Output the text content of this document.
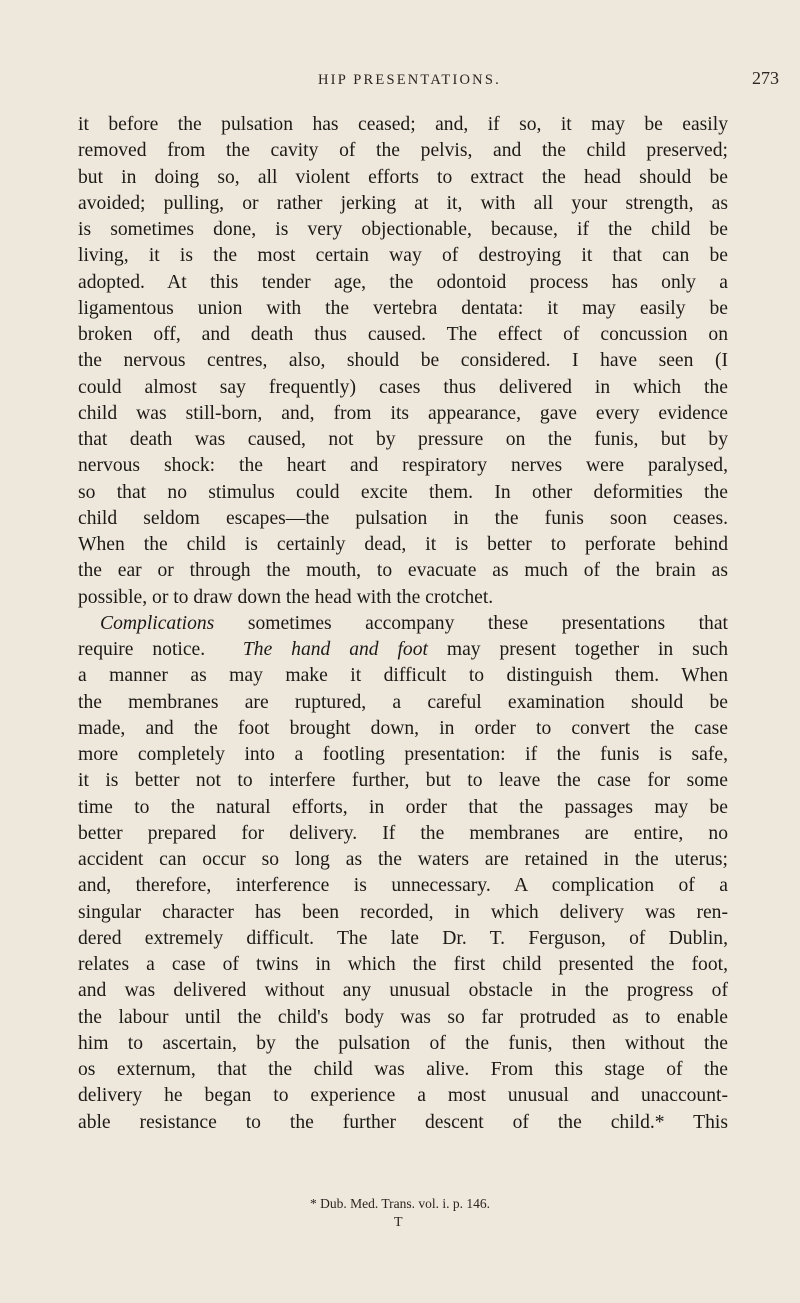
HIP PRESENTATIONS.	273
it before the pulsation has ceased; and, if so, it may be easily
removed from the cavity of the pelvis, and the child preserved;
but in doing so, all violent efforts to extract the head should be
avoided; pulling, or rather jerking at it, with all your strength, as
is sometimes done, is very objectionable, because, if the child be
living, it is the most certain way of destroying it that can be
adopted. At this tender age, the odontoid process has only a
ligamentous union with the vertebra dentata: it may easily be
broken off, and death thus caused. The effect of concussion on
the nervous centres, also, should be considered. I have seen (I
could almost say frequently) cases thus delivered in which the
child was still-born, and, from its appearance, gave every evidence
that death was caused, not by pressure on the funis, but by
nervous shock: the heart and respiratory nerves were paralysed,
so that no stimulus could excite them. In other deformities the
child seldom escapes—the pulsation in the funis soon ceases.
When the child is certainly dead, it is better to perforate behind
the ear or through the mouth, to evacuate as much of the brain as
possible, or to draw down the head with the crotchet.
Complications sometimes accompany these presentations that
require notice. The hand and foot may present together in such
a manner as may make it difficult to distinguish them. When
the membranes are ruptured, a careful examination should be
made, and the foot brought down, in order to convert the case
more completely into a footling presentation: if the funis is safe,
it is better not to interfere further, but to leave the case for some
time to the natural efforts, in order that the passages may be
better prepared for delivery. If the membranes are entire, no
accident can occur so long as the waters are retained in the uterus;
and, therefore, interference is unnecessary. A complication of a
singular character has been recorded, in which delivery was ren-
dered extremely difficult. The late Dr. T. Ferguson, of Dublin,
relates a case of twins in which the first child presented the foot,
and was delivered without any unusual obstacle in the progress of
the labour until the child's body was so far protruded as to enable
him to ascertain, by the pulsation of the funis, then without the
os externum, that the child was alive. From this stage of the
delivery he began to experience a most unusual and unaccount-
able resistance to the further descent of the child.* This
* Dub. Med. Trans. vol. i. p. 146.
T
